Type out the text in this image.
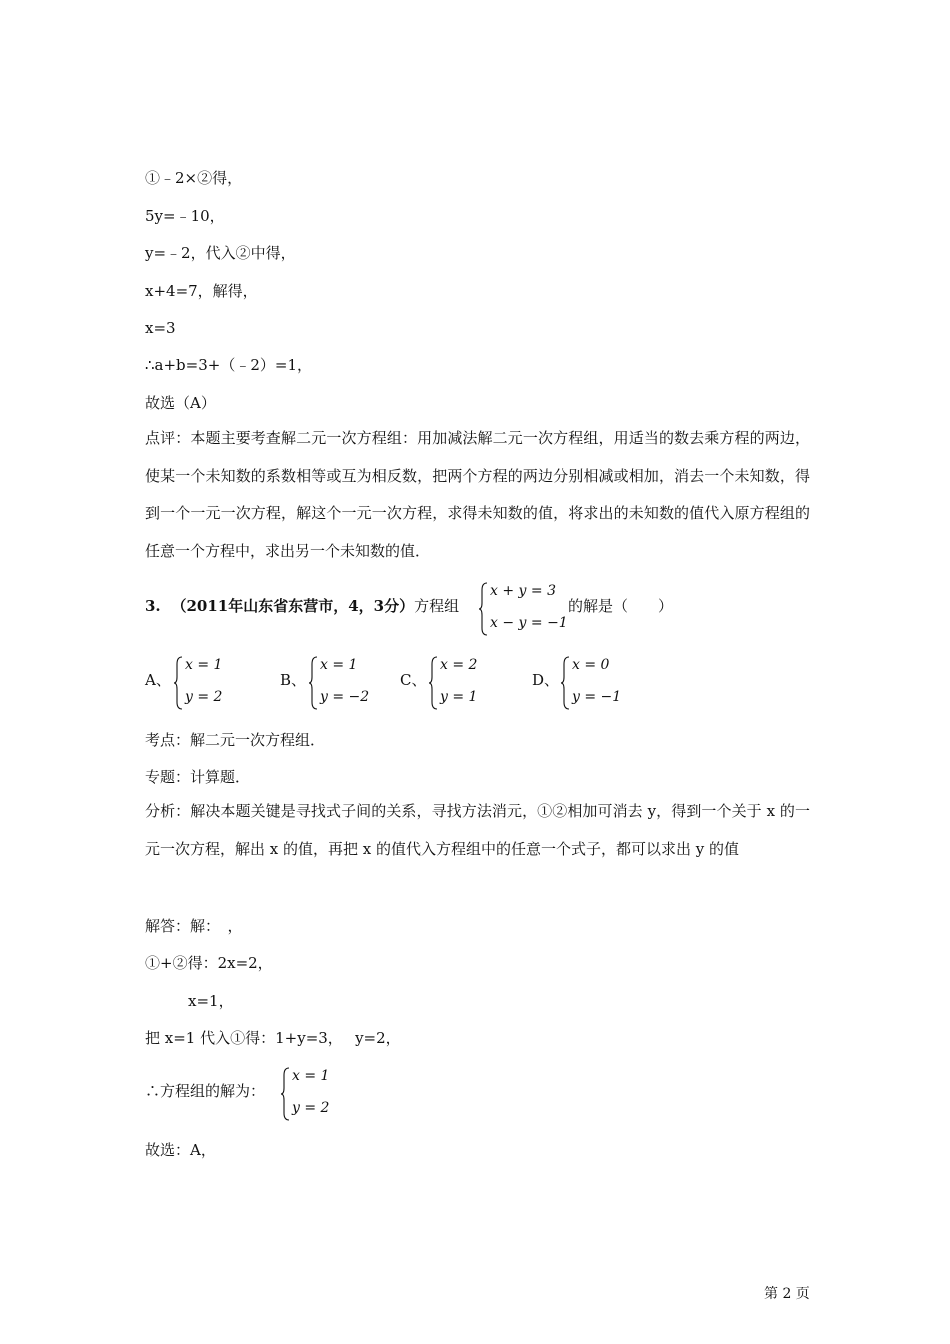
①﹣2×②得，
5y=﹣10，
y=﹣2，代入②中得，
x+4=7，解得，
x=3
∴a+b=3+（﹣2）=1，
故选（A）
点评：本题主要考查解二元一次方程组：用加减法解二元一次方程组，用适当的数去乘方程的两边，使某一个未知数的系数相等或互为相反数，把两个方程的两边分别相减或相加，消去一个未知数，得到一个一元一次方程，解这个一元一次方程，求得未知数的值，将求出的未知数的值代入原方程组的任意一个方程中，求出另一个未知数的值．
3. （2011年山东省东营市，4，3分）方程组
x + y = 3
x − y = −1
的解是（　　）
A、
x = 1
y = 2
B、
x = 1
y = −2
C、
x = 2
y = 1
D、
x = 0
y = −1
考点：解二元一次方程组．
专题：计算题．
分析：解决本题关键是寻找式子间的关系，寻找方法消元，①②相加可消去 y，得到一个关于 x 的一元一次方程，解出 x 的值，再把 x 的值代入方程组中的任意一个式子，都可以求出 y 的值
解答：解：　，
①+②得：2x=2，
x=1，
把 x=1 代入①得：1+y=3，　 y=2，
∴方程组的解为：
x = 1
y = 2
故选：A，
第 2 页
